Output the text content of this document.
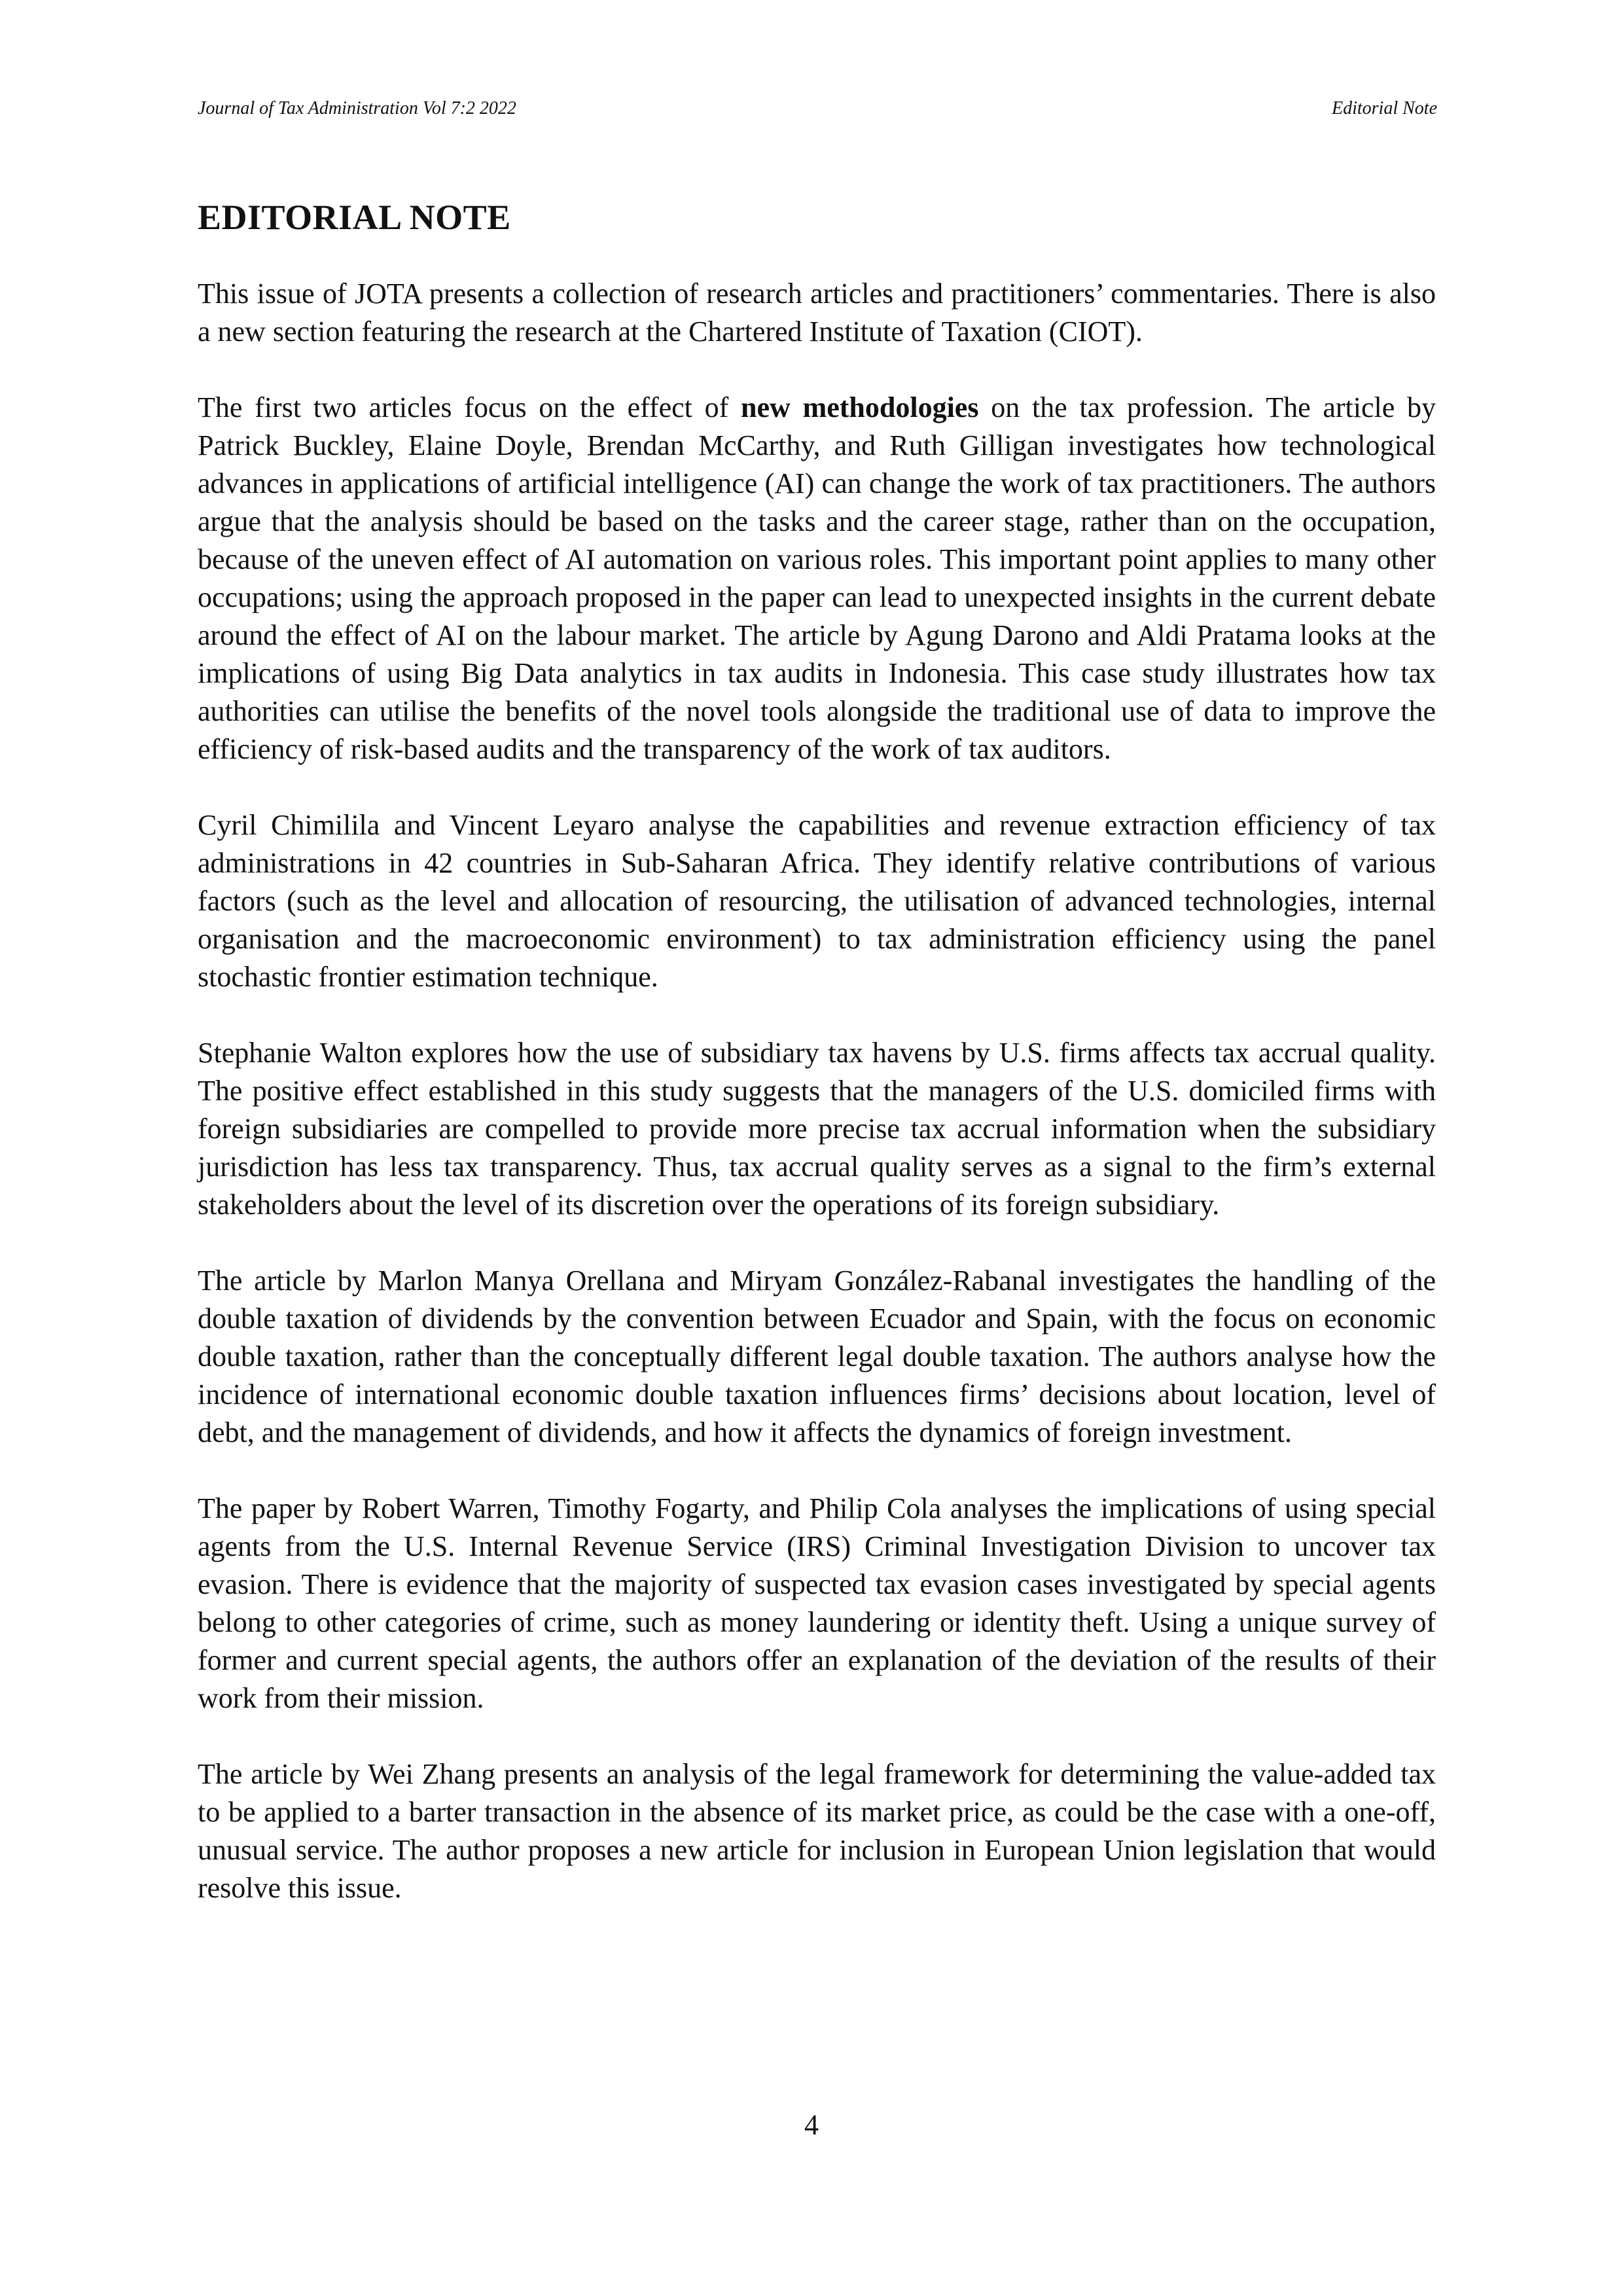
Journal of Tax Administration Vol 7:2 2022	Editorial Note
EDITORIAL NOTE

This issue of JOTA presents a collection of research articles and practitioners’ commentaries. There is also a new section featuring the research at the Chartered Institute of Taxation (CIOT).

The first two articles focus on the effect of new methodologies on the tax profession. The article by Patrick Buckley, Elaine Doyle, Brendan McCarthy, and Ruth Gilligan investigates how technological advances in applications of artificial intelligence (AI) can change the work of tax practitioners. The authors argue that the analysis should be based on the tasks and the career stage, rather than on the occupation, because of the uneven effect of AI automation on various roles. This important point applies to many other occupations; using the approach proposed in the paper can lead to unexpected insights in the current debate around the effect of AI on the labour market. The article by Agung Darono and Aldi Pratama looks at the implications of using Big Data analytics in tax audits in Indonesia. This case study illustrates how tax authorities can utilise the benefits of the novel tools alongside the traditional use of data to improve the efficiency of risk-based audits and the transparency of the work of tax auditors.

Cyril Chimilila and Vincent Leyaro analyse the capabilities and revenue extraction efficiency of tax administrations in 42 countries in Sub-Saharan Africa. They identify relative contributions of various factors (such as the level and allocation of resourcing, the utilisation of advanced technologies, internal organisation and the macroeconomic environment) to tax administration efficiency using the panel stochastic frontier estimation technique.

Stephanie Walton explores how the use of subsidiary tax havens by U.S. firms affects tax accrual quality. The positive effect established in this study suggests that the managers of the U.S. domiciled firms with foreign subsidiaries are compelled to provide more precise tax accrual information when the subsidiary jurisdiction has less tax transparency. Thus, tax accrual quality serves as a signal to the firm’s external stakeholders about the level of its discretion over the operations of its foreign subsidiary.

The article by Marlon Manya Orellana and Miryam González-Rabanal investigates the handling of the double taxation of dividends by the convention between Ecuador and Spain, with the focus on economic double taxation, rather than the conceptually different legal double taxation. The authors analyse how the incidence of international economic double taxation influences firms’ decisions about location, level of debt, and the management of dividends, and how it affects the dynamics of foreign investment.

The paper by Robert Warren, Timothy Fogarty, and Philip Cola analyses the implications of using special agents from the U.S. Internal Revenue Service (IRS) Criminal Investigation Division to uncover tax evasion. There is evidence that the majority of suspected tax evasion cases investigated by special agents belong to other categories of crime, such as money laundering or identity theft. Using a unique survey of former and current special agents, the authors offer an explanation of the deviation of the results of their work from their mission.

The article by Wei Zhang presents an analysis of the legal framework for determining the value-added tax to be applied to a barter transaction in the absence of its market price, as could be the case with a one-off, unusual service. The author proposes a new article for inclusion in European Union legislation that would resolve this issue.

4
